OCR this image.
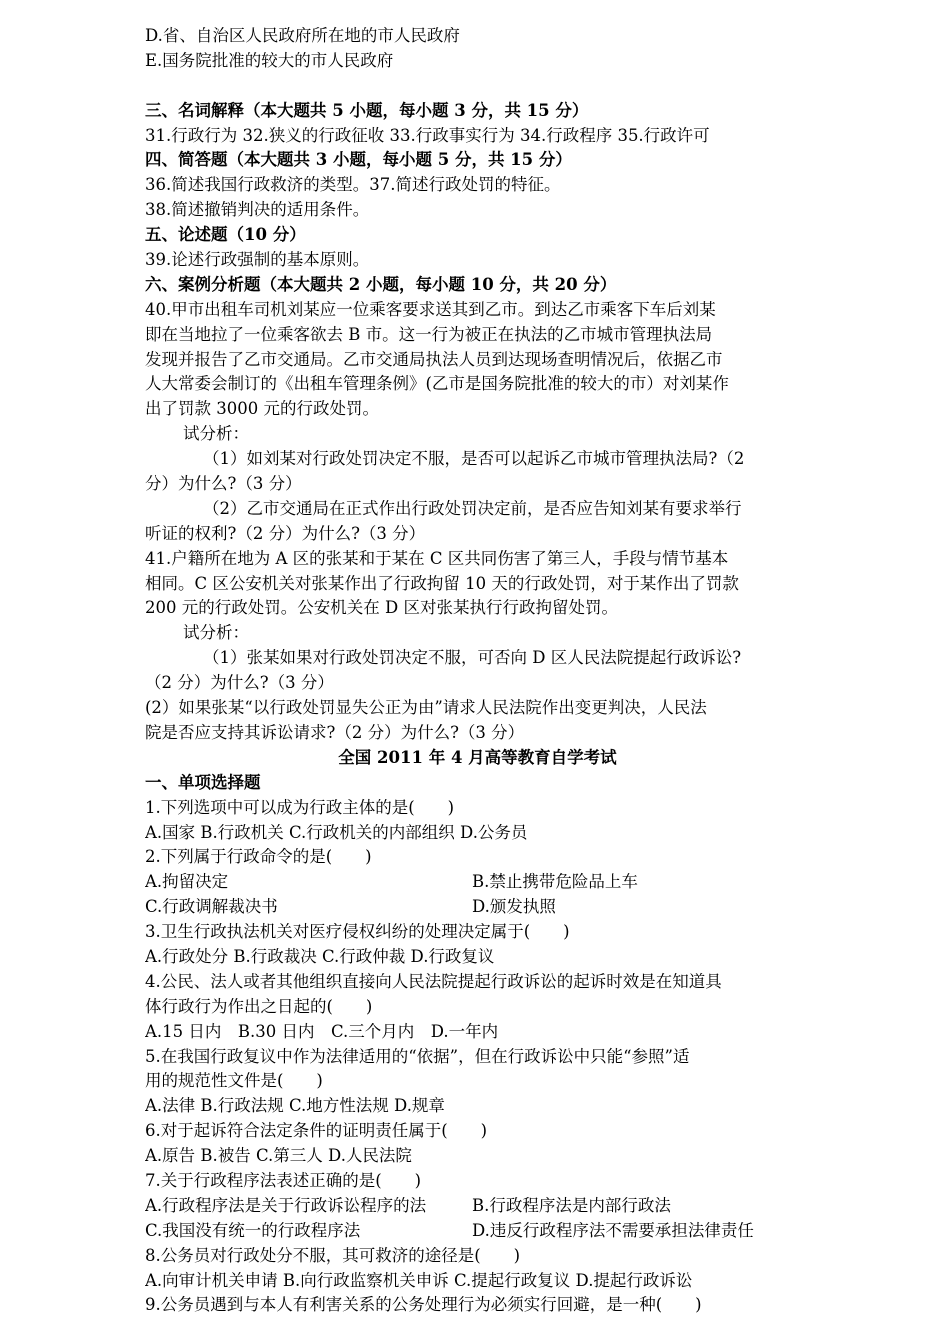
D.省、自治区人民政府所在地的市人民政府
E.国务院批准的较大的市人民政府
三、名词解释（本大题共 5 小题，每小题 3 分，共 15 分）
31.行政行为 32.狭义的行政征收 33.行政事实行为 34.行政程序 35.行政许可
四、简答题（本大题共 3 小题，每小题 5 分，共 15 分）
36.简述我国行政救济的类型。37.简述行政处罚的特征。
38.简述撤销判决的适用条件。
五、论述题（10 分）
39.论述行政强制的基本原则。
六、案例分析题（本大题共 2 小题，每小题 10 分，共 20 分）
40.甲市出租车司机刘某应一位乘客要求送其到乙市。到达乙市乘客下车后刘某
即在当地拉了一位乘客欲去 B 市。这一行为被正在执法的乙市城市管理执法局
发现并报告了乙市交通局。乙市交通局执法人员到达现场查明情况后，依据乙市
人大常委会制订的《出租车管理条例》(乙市是国务院批准的较大的市）对刘某作
出了罚款 3000 元的行政处罚。
试分析：
（1）如刘某对行政处罚决定不服，是否可以起诉乙市城市管理执法局?（2
分）为什么?（3 分）
（2）乙市交通局在正式作出行政处罚决定前，是否应告知刘某有要求举行
听证的权利?（2 分）为什么?（3 分）
41.户籍所在地为 A 区的张某和于某在 C 区共同伤害了第三人，手段与情节基本
相同。C 区公安机关对张某作出了行政拘留 10 天的行政处罚，对于某作出了罚款
200 元的行政处罚。公安机关在 D 区对张某执行行政拘留处罚。
试分析：
（1）张某如果对行政处罚决定不服，可否向 D 区人民法院提起行政诉讼?
（2 分）为什么?（3 分）
(2）如果张某“以行政处罚显失公正为由”请求人民法院作出变更判决，人民法
院是否应支持其诉讼请求?（2 分）为什么?（3 分）
全国 2011 年 4 月高等教育自学考试
一、单项选择题
1.下列选项中可以成为行政主体的是(　　)
A.国家 B.行政机关 C.行政机关的内部组织 D.公务员
2.下列属于行政命令的是(　　)
A.拘留决定	B.禁止携带危险品上车
C.行政调解裁决书	D.颁发执照
3.卫生行政执法机关对医疗侵权纠纷的处理决定属于(　　)
A.行政处分 B.行政裁决 C.行政仲裁 D.行政复议
4.公民、法人或者其他组织直接向人民法院提起行政诉讼的起诉时效是在知道具
体行政行为作出之日起的(　　)
A.15 日内　B.30 日内　C.三个月内　D.一年内
5.在我国行政复议中作为法律适用的“依据”，但在行政诉讼中只能“参照”适
用的规范性文件是(　　)
A.法律 B.行政法规 C.地方性法规 D.规章
6.对于起诉符合法定条件的证明责任属于(　　)
A.原告 B.被告 C.第三人 D.人民法院
7.关于行政程序法表述正确的是(　　)
A.行政程序法是关于行政诉讼程序的法	B.行政程序法是内部行政法
C.我国没有统一的行政程序法	D.违反行政程序法不需要承担法律责任
8.公务员对行政处分不服，其可救济的途径是(　　)
A.向审计机关申请 B.向行政监察机关申诉 C.提起行政复议 D.提起行政诉讼
9.公务员遇到与本人有利害关系的公务处理行为必须实行回避，是一种(　　)
